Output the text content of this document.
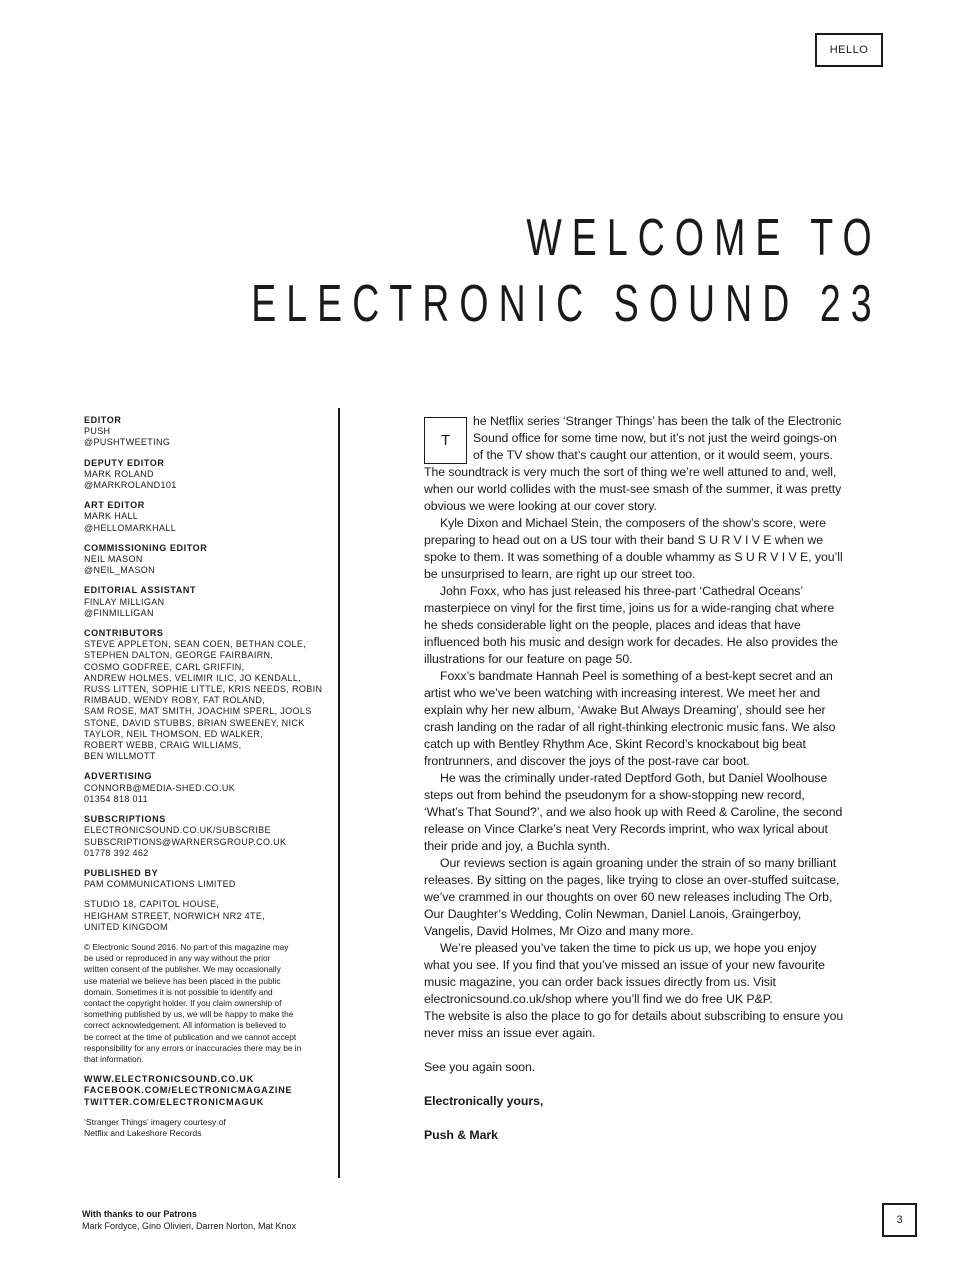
HELLO
WELCOME TO
ELECTRONIC SOUND 23
EDITOR
PUSH
@PUSHTWEETING
DEPUTY EDITOR
MARK ROLAND
@MARKROLAND101
ART EDITOR
MARK HALL
@HELLOMARKHALL
COMMISSIONING EDITOR
NEIL MASON
@NEIL_MASON
EDITORIAL ASSISTANT
FINLAY MILLIGAN
@FINMILLIGAN
CONTRIBUTORS
STEVE APPLETON, SEAN COEN, BETHAN COLE,
STEPHEN DALTON, GEORGE FAIRBAIRN,
COSMO GODFREE, CARL GRIFFIN,
ANDREW HOLMES, VELIMIR ILIC, JO KENDALL,
RUSS LITTEN, SOPHIE LITTLE, KRIS NEEDS, ROBIN
RIMBAUD, WENDY ROBY, FAT ROLAND,
SAM ROSE, MAT SMITH, JOACHIM SPERL, JOOLS
STONE, DAVID STUBBS, BRIAN SWEENEY, NICK
TAYLOR, NEIL THOMSON, ED WALKER,
ROBERT WEBB, CRAIG WILLIAMS,
BEN WILLMOTT
ADVERTISING
CONNORB@MEDIA-SHED.CO.UK
01354 818 011
SUBSCRIPTIONS
ELECTRONICSOUND.CO.UK/SUBSCRIBE
SUBSCRIPTIONS@WARNERSGROUP.CO.UK
01778 392 462
PUBLISHED BY
PAM COMMUNICATIONS LIMITED
STUDIO 18, CAPITOL HOUSE,
HEIGHAM STREET, NORWICH NR2 4TE,
UNITED KINGDOM
© Electronic Sound 2016. No part of this magazine may
be used or reproduced in any way without the prior
written consent of the publisher. We may occasionally
use material we believe has been placed in the public
domain. Sometimes it is not possible to identify and
contact the copyright holder. If you claim ownership of
something published by us, we will be happy to make the
correct acknowledgement. All information is believed to
be correct at the time of publication and we cannot accept
responsibility for any errors or inaccuracies there may be in
that information.
WWW.ELECTRONICSOUND.CO.UK
FACEBOOK.COM/ELECTRONICMAGAZINE
TWITTER.COM/ELECTRONICMAGUK
‘Stranger Things’ imagery courtesy of
Netflix and Lakeshore Records
T

he Netflix series ‘Stranger Things’ has been the talk of the Electronic Sound office for some time now, but it’s not just the weird goings-on of the TV show that’s caught our attention, or it would seem, yours. The soundtrack is very much the sort of thing we’re well attuned to and, well, when our world collides with the must-see smash of the summer, it was pretty obvious we were looking at our cover story.

Kyle Dixon and Michael Stein, the composers of the show’s score, were preparing to head out on a US tour with their band S U R V I V E when we spoke to them. It was something of a double whammy as S U R V I V E, you’ll be unsurprised to learn, are right up our street too.

John Foxx, who has just released his three-part ‘Cathedral Oceans’ masterpiece on vinyl for the first time, joins us for a wide-ranging chat where he sheds considerable light on the people, places and ideas that have influenced both his music and design work for decades. He also provides the illustrations for our feature on page 50.

Foxx’s bandmate Hannah Peel is something of a best-kept secret and an artist who we’ve been watching with increasing interest. We meet her and explain why her new album, ‘Awake But Always Dreaming’, should see her crash landing on the radar of all right-thinking electronic music fans. We also catch up with Bentley Rhythm Ace, Skint Record’s knockabout big beat frontrunners, and discover the joys of the post-rave car boot.

He was the criminally under-rated Deptford Goth, but Daniel Woolhouse steps out from behind the pseudonym for a show-stopping new record, ‘What’s That Sound?’, and we also hook up with Reed & Caroline, the second release on Vince Clarke’s neat Very Records imprint, who wax lyrical about their pride and joy, a Buchla synth.

Our reviews section is again groaning under the strain of so many brilliant releases. By sitting on the pages, like trying to close an over-stuffed suitcase, we’ve crammed in our thoughts on over 60 new releases including The Orb, Our Daughter’s Wedding, Colin Newman, Daniel Lanois, Graingerboy, Vangelis, David Holmes, Mr Oizo and many more.

We’re pleased you’ve taken the time to pick us up, we hope you enjoy what you see. If you find that you’ve missed an issue of your new favourite music magazine, you can order back issues directly from us. Visit electronicsound.co.uk/shop where you’ll find we do free UK P&P.

The website is also the place to go for details about subscribing to ensure you never miss an issue ever again.

See you again soon.

Electronically yours,

Push & Mark

With thanks to our Patrons
Mark Fordyce, Gino Olivieri, Darren Norton, Mat Knox	3
